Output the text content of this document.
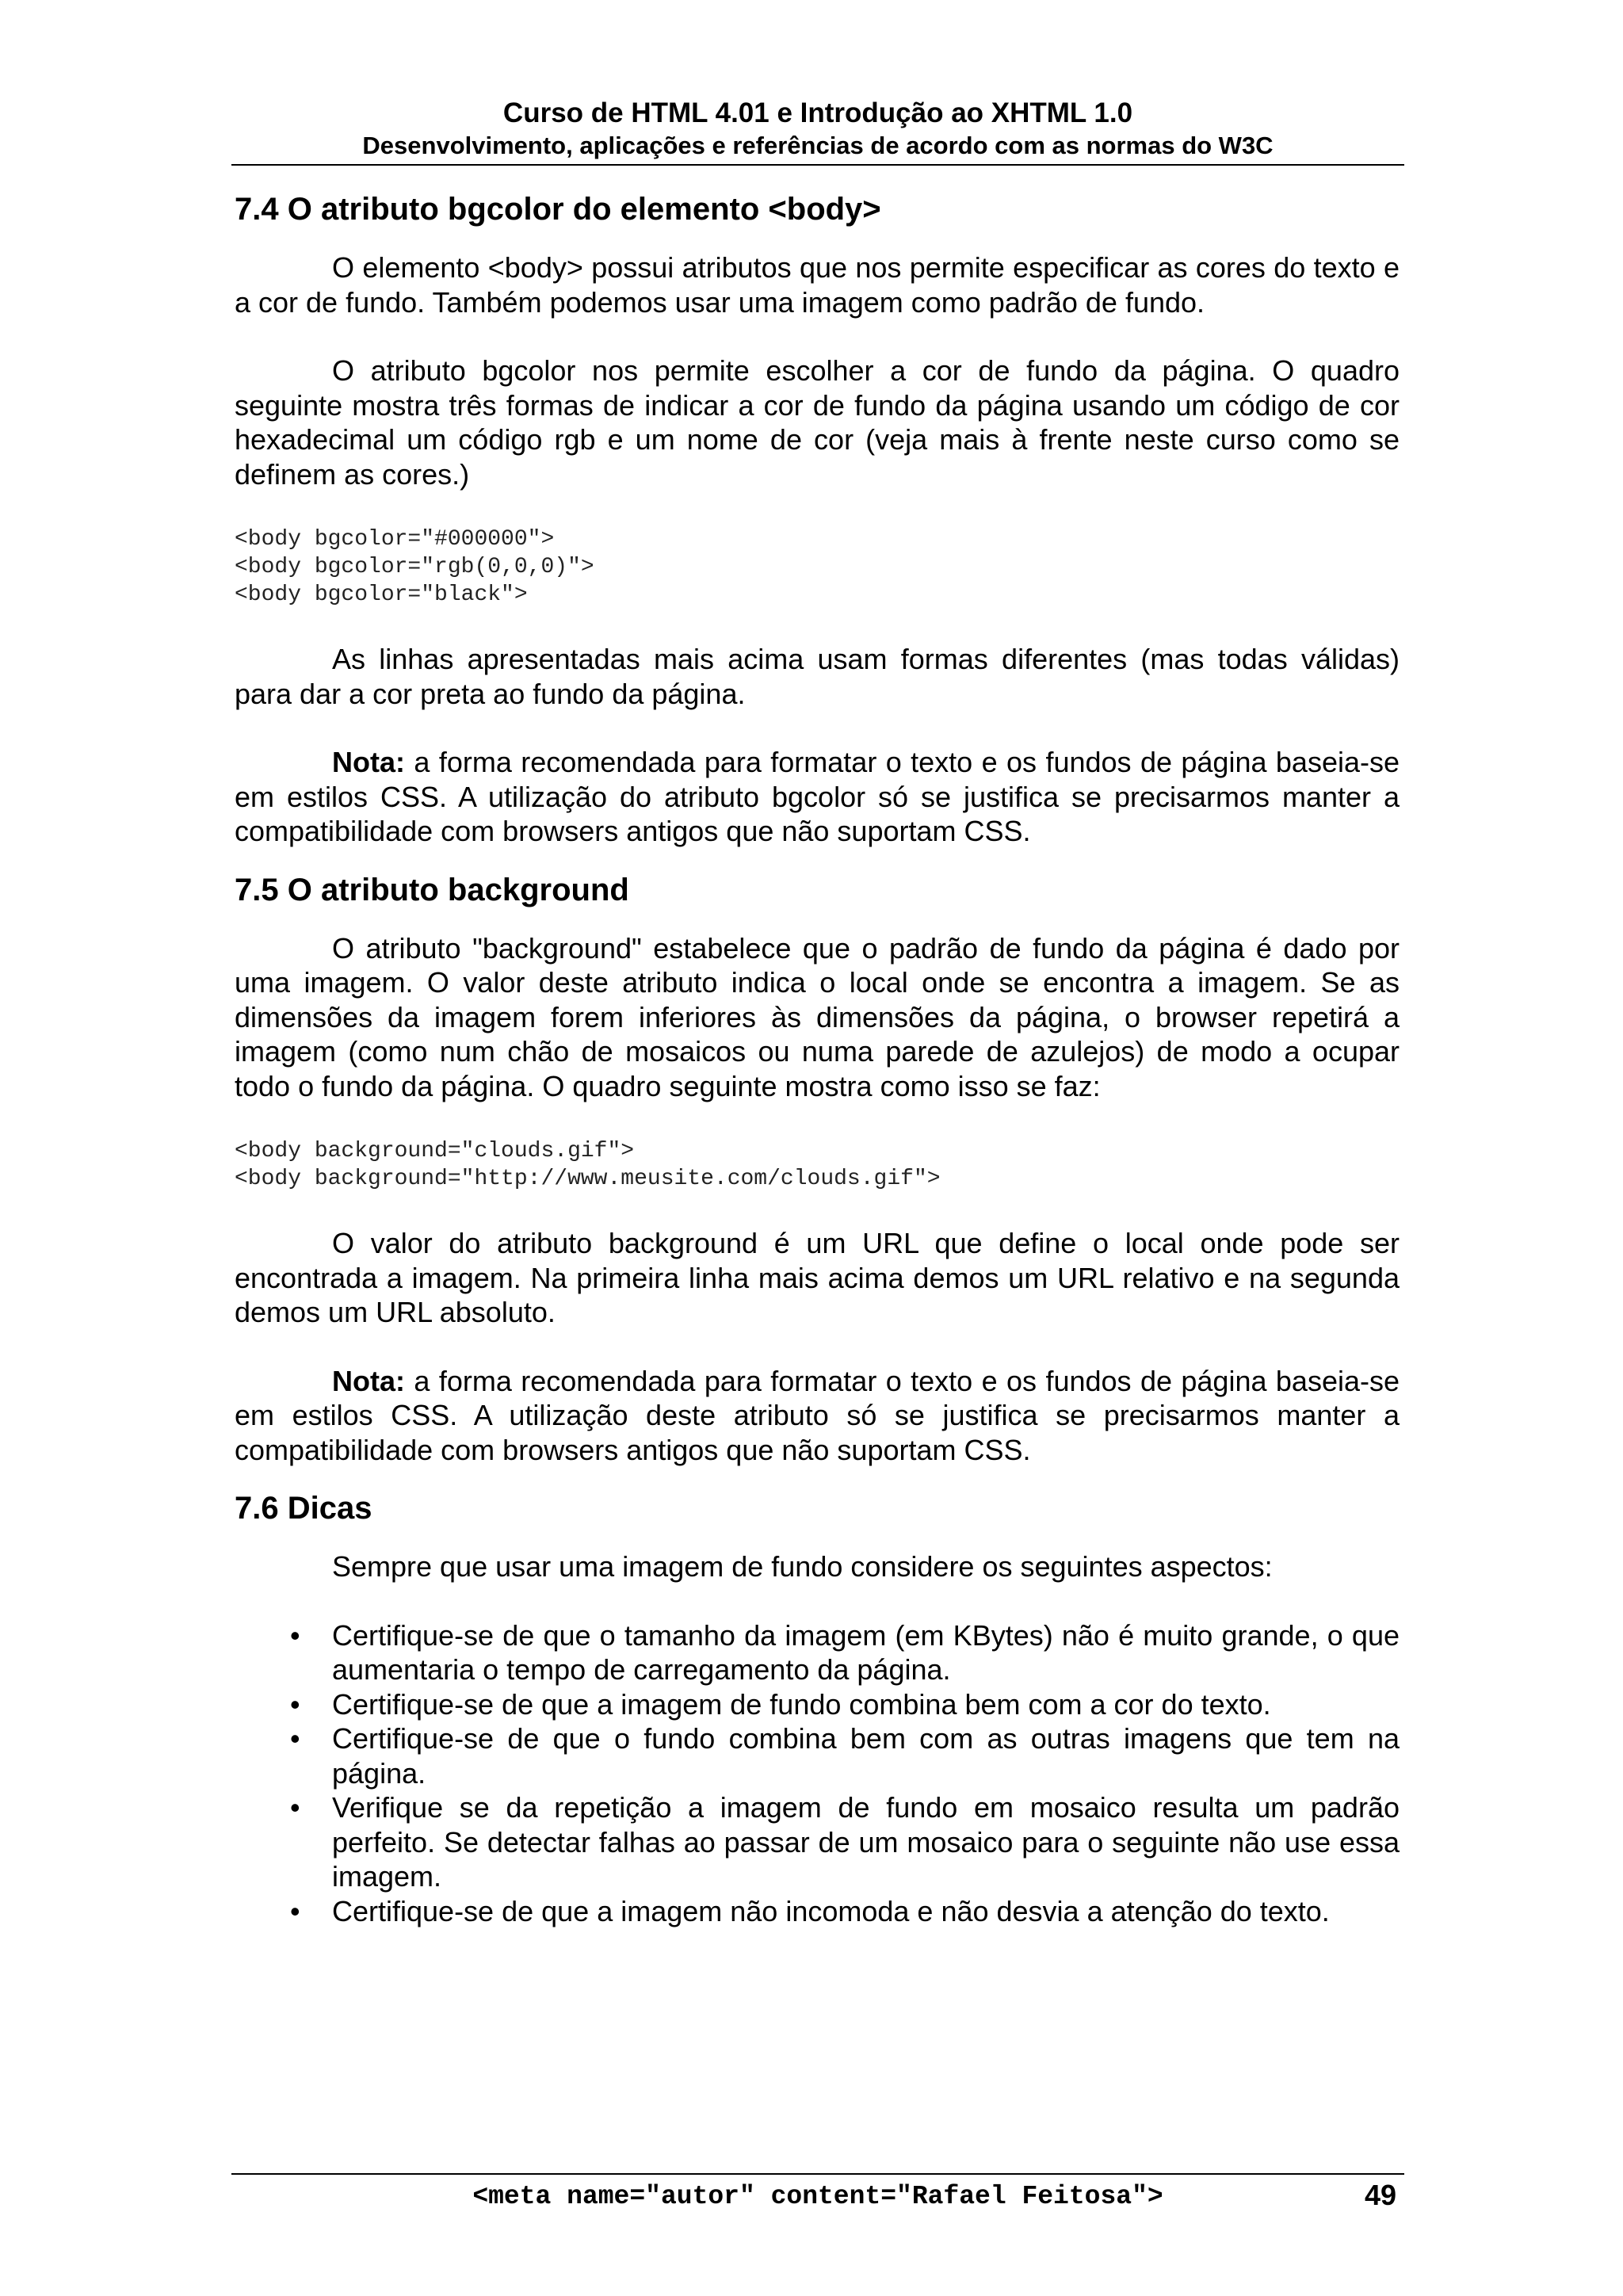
Curso de HTML 4.01 e Introdução ao XHTML 1.0
Desenvolvimento, aplicações e referências de acordo com as normas do W3C
7.4 O atributo bgcolor do elemento <body>

O elemento <body> possui atributos que nos permite especificar as cores do texto e a cor de fundo. Também podemos usar uma imagem como padrão de fundo.

O atributo bgcolor nos permite escolher a cor de fundo da página. O quadro seguinte mostra três formas de indicar a cor de fundo da página usando um código de cor hexadecimal um código rgb e um nome de cor (veja mais à frente neste curso como se definem as cores.)

<body bgcolor="#000000">
<body bgcolor="rgb(0,0,0)">
<body bgcolor="black">

As linhas apresentadas mais acima usam formas diferentes (mas todas válidas) para dar a cor preta ao fundo da página.

Nota: a forma recomendada para formatar o texto e os fundos de página baseia-se em estilos CSS. A utilização do atributo bgcolor só se justifica se precisarmos manter a compatibilidade com browsers antigos que não suportam CSS.

7.5 O atributo background

O atributo "background" estabelece que o padrão de fundo da página é dado por uma imagem. O valor deste atributo indica o local onde se encontra a imagem. Se as dimensões da imagem forem inferiores às dimensões da página, o browser repetirá a imagem (como num chão de mosaicos ou numa parede de azulejos) de modo a ocupar todo o fundo da página. O quadro seguinte mostra como isso se faz:

<body background="clouds.gif">
<body background="http://www.meusite.com/clouds.gif">

O valor do atributo background é um URL que define o local onde pode ser encontrada a imagem. Na primeira linha mais acima demos um URL relativo e na segunda demos um URL absoluto.

Nota: a forma recomendada para formatar o texto e os fundos de página baseia-se em estilos CSS. A utilização deste atributo só se justifica se precisarmos manter a compatibilidade com browsers antigos que não suportam CSS.

7.6 Dicas

Sempre que usar uma imagem de fundo considere os seguintes aspectos:

• Certifique-se de que o tamanho da imagem (em KBytes) não é muito grande, o que aumentaria o tempo de carregamento da página.
• Certifique-se de que a imagem de fundo combina bem com a cor do texto.
• Certifique-se de que o fundo combina bem com as outras imagens que tem na página.
• Verifique se da repetição a imagem de fundo em mosaico resulta um padrão perfeito. Se detectar falhas ao passar de um mosaico para o seguinte não use essa imagem.
• Certifique-se de que a imagem não incomoda e não desvia a atenção do texto.
<meta name="autor" content="Rafael Feitosa">	49
